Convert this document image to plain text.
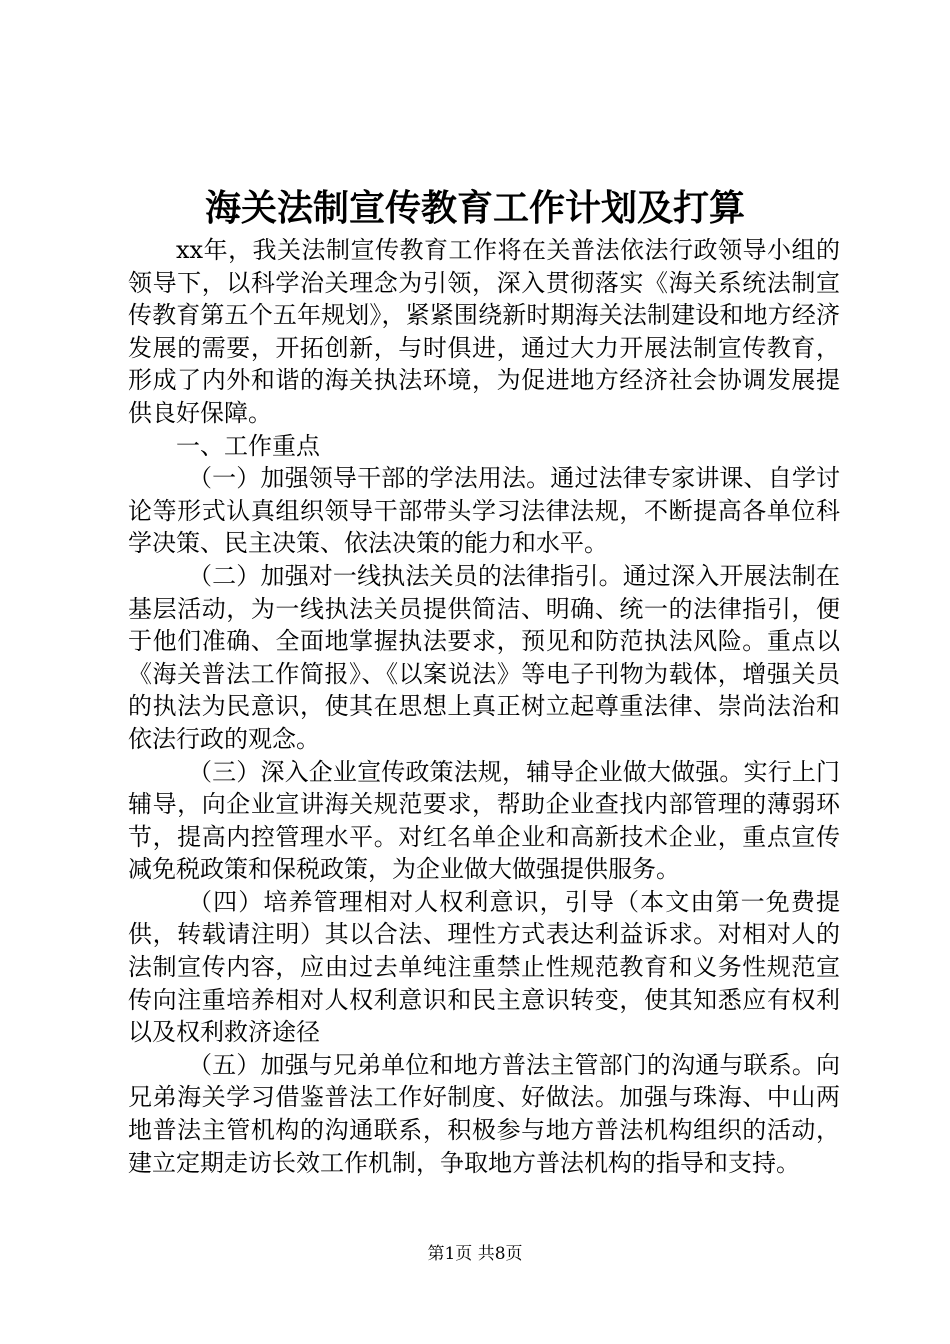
海关法制宣传教育工作计划及打算

xx年，我关法制宣传教育工作将在关普法依法行政领导小组的领导下，以科学治关理念为引领，深入贯彻落实《海关系统法制宣传教育第五个五年规划》，紧紧围绕新时期海关法制建设和地方经济发展的需要，开拓创新，与时俱进，通过大力开展法制宣传教育，形成了内外和谐的海关执法环境，为促进地方经济社会协调发展提供良好保障。

一、工作重点

（一）加强领导干部的学法用法。通过法律专家讲课、自学讨论等形式认真组织领导干部带头学习法律法规，不断提高各单位科学决策、民主决策、依法决策的能力和水平。

（二）加强对一线执法关员的法律指引。通过深入开展法制在基层活动，为一线执法关员提供简洁、明确、统一的法律指引，便于他们准确、全面地掌握执法要求，预见和防范执法风险。重点以《海关普法工作简报》、《以案说法》等电子刊物为载体，增强关员的执法为民意识，使其在思想上真正树立起尊重法律、崇尚法治和依法行政的观念。

（三）深入企业宣传政策法规，辅导企业做大做强。实行上门辅导，向企业宣讲海关规范要求，帮助企业查找内部管理的薄弱环节，提高内控管理水平。对红名单企业和高新技术企业，重点宣传减免税政策和保税政策，为企业做大做强提供服务。

（四）培养管理相对人权利意识，引导（本文由第一免费提供，转载请注明）其以合法、理性方式表达利益诉求。对相对人的法制宣传内容，应由过去单纯注重禁止性规范教育和义务性规范宣传向注重培养相对人权利意识和民主意识转变，使其知悉应有权利以及权利救济途径

（五）加强与兄弟单位和地方普法主管部门的沟通与联系。向兄弟海关学习借鉴普法工作好制度、好做法。加强与珠海、中山两地普法主管机构的沟通联系，积极参与地方普法机构组织的活动，建立定期走访长效工作机制，争取地方普法机构的指导和支持。

第1页 共8页
